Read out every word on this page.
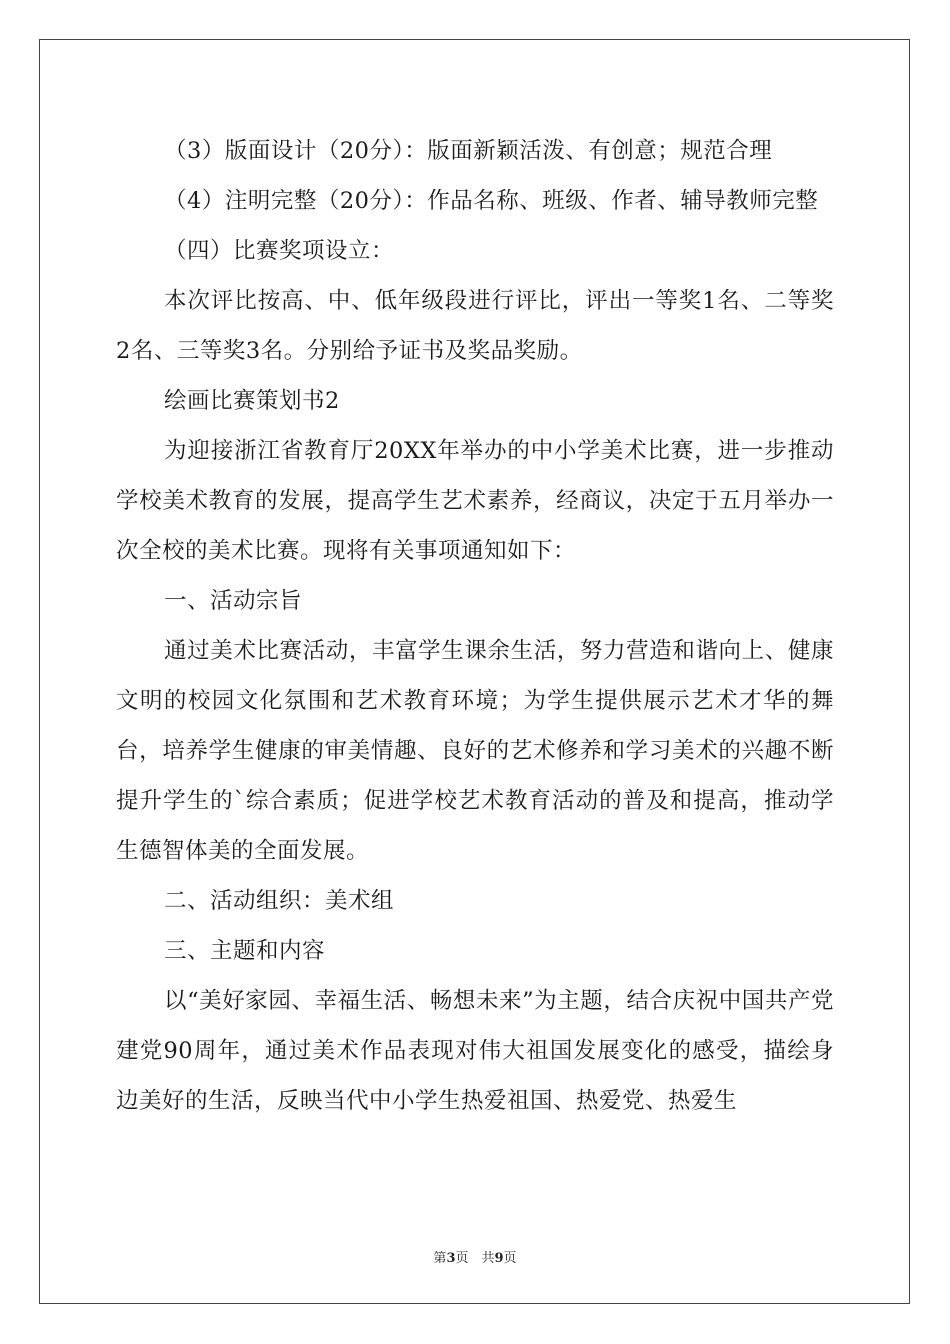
（3）版面设计（20分）：版面新颖活泼、有创意；规范合理

（4）注明完整（20分）：作品名称、班级、作者、辅导教师完整

（四）比赛奖项设立：

本次评比按高、中、低年级段进行评比，评出一等奖1名、二等奖2名、三等奖3名。分别给予证书及奖品奖励。

绘画比赛策划书2

为迎接浙江省教育厅20XX年举办的中小学美术比赛，进一步推动学校美术教育的发展，提高学生艺术素养，经商议，决定于五月举办一次全校的美术比赛。现将有关事项通知如下：

一、活动宗旨

通过美术比赛活动，丰富学生课余生活，努力营造和谐向上、健康文明的校园文化氛围和艺术教育环境；为学生提供展示艺术才华的舞台，培养学生健康的审美情趣、良好的艺术修养和学习美术的兴趣不断提升学生的`综合素质；促进学校艺术教育活动的普及和提高，推动学生德智体美的全面发展。

二、活动组织：美术组

三、主题和内容

以“美好家园、幸福生活、畅想未来”为主题，结合庆祝中国共产党建党90周年，通过美术作品表现对伟大祖国发展变化的感受，描绘身边美好的生活，反映当代中小学生热爱祖国、热爱党、热爱生

第3页　共9页
